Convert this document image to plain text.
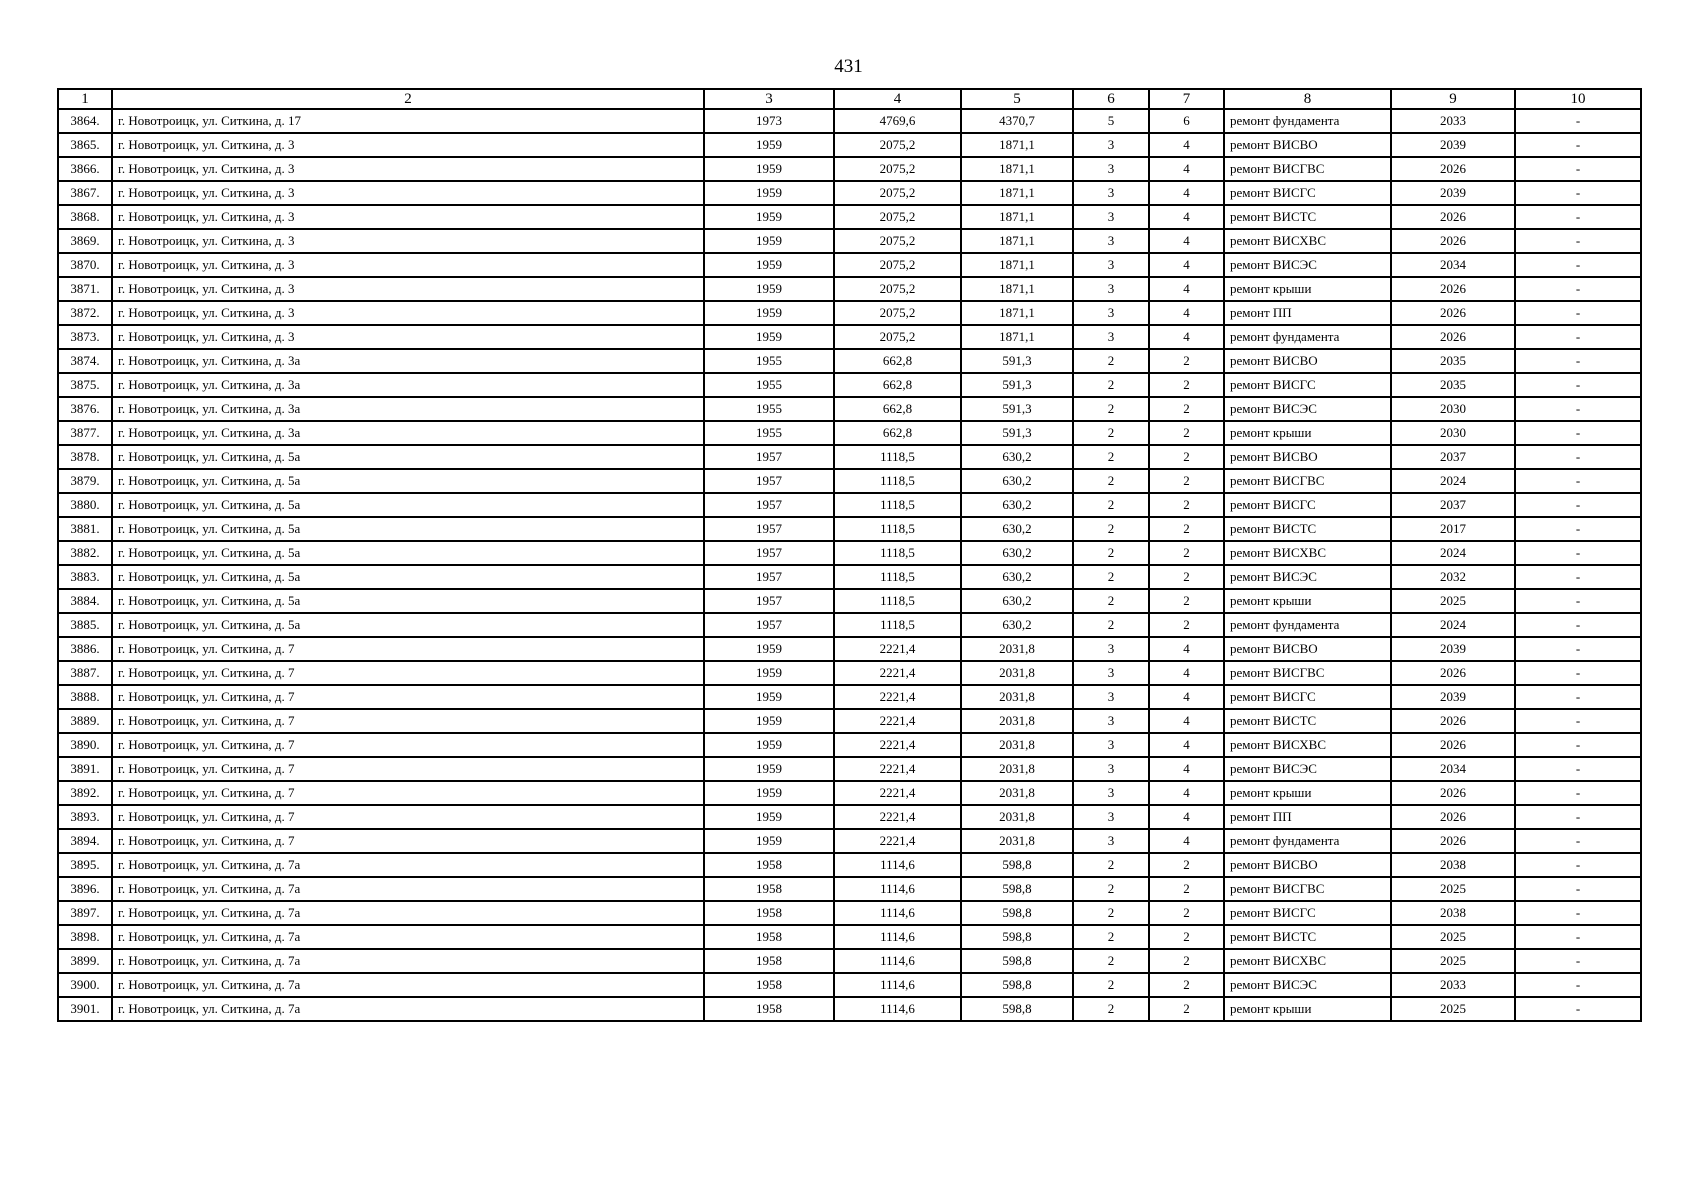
431
1	2	3	4	5	6	7	8	9	10
3864.	г. Новотроицк, ул. Ситкина, д. 17	1973	4769,6	4370,7	5	6	ремонт фундамента	2033	-
3865.	г. Новотроицк, ул. Ситкина, д. 3	1959	2075,2	1871,1	3	4	ремонт ВИСВО	2039	-
3866.	г. Новотроицк, ул. Ситкина, д. 3	1959	2075,2	1871,1	3	4	ремонт ВИСГВС	2026	-
3867.	г. Новотроицк, ул. Ситкина, д. 3	1959	2075,2	1871,1	3	4	ремонт ВИСГС	2039	-
3868.	г. Новотроицк, ул. Ситкина, д. 3	1959	2075,2	1871,1	3	4	ремонт ВИСТС	2026	-
3869.	г. Новотроицк, ул. Ситкина, д. 3	1959	2075,2	1871,1	3	4	ремонт ВИСХВС	2026	-
3870.	г. Новотроицк, ул. Ситкина, д. 3	1959	2075,2	1871,1	3	4	ремонт ВИСЭС	2034	-
3871.	г. Новотроицк, ул. Ситкина, д. 3	1959	2075,2	1871,1	3	4	ремонт крыши	2026	-
3872.	г. Новотроицк, ул. Ситкина, д. 3	1959	2075,2	1871,1	3	4	ремонт ПП	2026	-
3873.	г. Новотроицк, ул. Ситкина, д. 3	1959	2075,2	1871,1	3	4	ремонт фундамента	2026	-
3874.	г. Новотроицк, ул. Ситкина, д. 3а	1955	662,8	591,3	2	2	ремонт ВИСВО	2035	-
3875.	г. Новотроицк, ул. Ситкина, д. 3а	1955	662,8	591,3	2	2	ремонт ВИСГС	2035	-
3876.	г. Новотроицк, ул. Ситкина, д. 3а	1955	662,8	591,3	2	2	ремонт ВИСЭС	2030	-
3877.	г. Новотроицк, ул. Ситкина, д. 3а	1955	662,8	591,3	2	2	ремонт крыши	2030	-
3878.	г. Новотроицк, ул. Ситкина, д. 5а	1957	1118,5	630,2	2	2	ремонт ВИСВО	2037	-
3879.	г. Новотроицк, ул. Ситкина, д. 5а	1957	1118,5	630,2	2	2	ремонт ВИСГВС	2024	-
3880.	г. Новотроицк, ул. Ситкина, д. 5а	1957	1118,5	630,2	2	2	ремонт ВИСГС	2037	-
3881.	г. Новотроицк, ул. Ситкина, д. 5а	1957	1118,5	630,2	2	2	ремонт ВИСТС	2017	-
3882.	г. Новотроицк, ул. Ситкина, д. 5а	1957	1118,5	630,2	2	2	ремонт ВИСХВС	2024	-
3883.	г. Новотроицк, ул. Ситкина, д. 5а	1957	1118,5	630,2	2	2	ремонт ВИСЭС	2032	-
3884.	г. Новотроицк, ул. Ситкина, д. 5а	1957	1118,5	630,2	2	2	ремонт крыши	2025	-
3885.	г. Новотроицк, ул. Ситкина, д. 5а	1957	1118,5	630,2	2	2	ремонт фундамента	2024	-
3886.	г. Новотроицк, ул. Ситкина, д. 7	1959	2221,4	2031,8	3	4	ремонт ВИСВО	2039	-
3887.	г. Новотроицк, ул. Ситкина, д. 7	1959	2221,4	2031,8	3	4	ремонт ВИСГВС	2026	-
3888.	г. Новотроицк, ул. Ситкина, д. 7	1959	2221,4	2031,8	3	4	ремонт ВИСГС	2039	-
3889.	г. Новотроицк, ул. Ситкина, д. 7	1959	2221,4	2031,8	3	4	ремонт ВИСТС	2026	-
3890.	г. Новотроицк, ул. Ситкина, д. 7	1959	2221,4	2031,8	3	4	ремонт ВИСХВС	2026	-
3891.	г. Новотроицк, ул. Ситкина, д. 7	1959	2221,4	2031,8	3	4	ремонт ВИСЭС	2034	-
3892.	г. Новотроицк, ул. Ситкина, д. 7	1959	2221,4	2031,8	3	4	ремонт крыши	2026	-
3893.	г. Новотроицк, ул. Ситкина, д. 7	1959	2221,4	2031,8	3	4	ремонт ПП	2026	-
3894.	г. Новотроицк, ул. Ситкина, д. 7	1959	2221,4	2031,8	3	4	ремонт фундамента	2026	-
3895.	г. Новотроицк, ул. Ситкина, д. 7а	1958	1114,6	598,8	2	2	ремонт ВИСВО	2038	-
3896.	г. Новотроицк, ул. Ситкина, д. 7а	1958	1114,6	598,8	2	2	ремонт ВИСГВС	2025	-
3897.	г. Новотроицк, ул. Ситкина, д. 7а	1958	1114,6	598,8	2	2	ремонт ВИСГС	2038	-
3898.	г. Новотроицк, ул. Ситкина, д. 7а	1958	1114,6	598,8	2	2	ремонт ВИСТС	2025	-
3899.	г. Новотроицк, ул. Ситкина, д. 7а	1958	1114,6	598,8	2	2	ремонт ВИСХВС	2025	-
3900.	г. Новотроицк, ул. Ситкина, д. 7а	1958	1114,6	598,8	2	2	ремонт ВИСЭС	2033	-
3901.	г. Новотроицк, ул. Ситкина, д. 7а	1958	1114,6	598,8	2	2	ремонт крыши	2025	-
